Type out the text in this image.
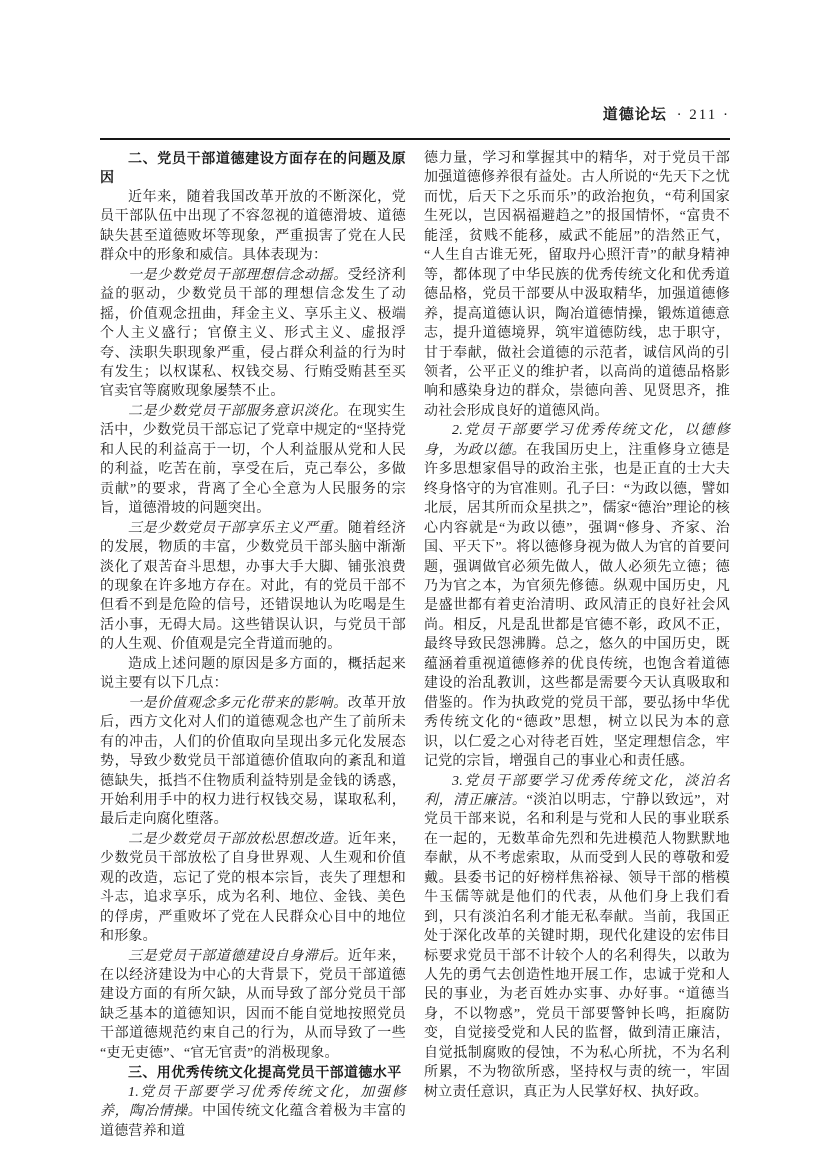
道德论坛 · 211 ·

二、党员干部道德建设方面存在的问题及原因

近年来，随着我国改革开放的不断深化，党员干部队伍中出现了不容忽视的道德滑坡、道德缺失甚至道德败坏等现象，严重损害了党在人民群众中的形象和威信。具体表现为：

一是少数党员干部理想信念动摇。受经济利益的驱动，少数党员干部的理想信念发生了动摇，价值观念扭曲，拜金主义、享乐主义、极端个人主义盛行；官僚主义、形式主义、虚报浮夸、渎职失职现象严重，侵占群众利益的行为时有发生；以权谋私、权钱交易、行贿受贿甚至买官卖官等腐败现象屡禁不止。

二是少数党员干部服务意识淡化。在现实生活中，少数党员干部忘记了党章中规定的“坚持党和人民的利益高于一切，个人利益服从党和人民的利益，吃苦在前，享受在后，克己奉公，多做贡献”的要求，背离了全心全意为人民服务的宗旨，道德滑坡的问题突出。

三是少数党员干部享乐主义严重。随着经济的发展，物质的丰富，少数党员干部头脑中渐渐淡化了艰苦奋斗思想，办事大手大脚、铺张浪费的现象在许多地方存在。对此，有的党员干部不但看不到是危险的信号，还错误地认为吃喝是生活小事，无碍大局。这些错误认识，与党员干部的人生观、价值观是完全背道而驰的。

造成上述问题的原因是多方面的，概括起来说主要有以下几点：

一是价值观念多元化带来的影响。改革开放后，西方文化对人们的道德观念也产生了前所未有的冲击，人们的价值取向呈现出多元化发展态势，导致少数党员干部道德价值取向的紊乱和道德缺失，抵挡不住物质利益特别是金钱的诱惑，开始利用手中的权力进行权钱交易，谋取私利，最后走向腐化堕落。

二是少数党员干部放松思想改造。近年来，少数党员干部放松了自身世界观、人生观和价值观的改造，忘记了党的根本宗旨，丧失了理想和斗志，追求享乐，成为名利、地位、金钱、美色的俘虏，严重败坏了党在人民群众心目中的地位和形象。

三是党员干部道德建设自身滞后。近年来，在以经济建设为中心的大背景下，党员干部道德建设方面的有所欠缺，从而导致了部分党员干部缺乏基本的道德知识，因而不能自觉地按照党员干部道德规范约束自己的行为，从而导致了一些“吏无吏德”、“官无官责”的消极现象。

三、用优秀传统文化提高党员干部道德水平

1.党员干部要学习优秀传统文化，加强修养，陶冶情操。中国传统文化蕴含着极为丰富的道德营养和道

德力量，学习和掌握其中的精华，对于党员干部加强道德修养很有益处。古人所说的“先天下之忧而忧，后天下之乐而乐”的政治抱负，“苟利国家生死以，岂因祸福避趋之”的报国情怀，“富贵不能淫，贫贱不能移，威武不能屈”的浩然正气，“人生自古谁无死，留取丹心照汗青”的献身精神等，都体现了中华民族的优秀传统文化和优秀道德品格，党员干部要从中汲取精华，加强道德修养，提高道德认识，陶冶道德情操，锻炼道德意志，提升道德境界，筑牢道德防线，忠于职守，甘于奉献，做社会道德的示范者，诚信风尚的引领者，公平正义的维护者，以高尚的道德品格影响和感染身边的群众，崇德向善、见贤思齐，推动社会形成良好的道德风尚。

2.党员干部要学习优秀传统文化，以德修身，为政以德。在我国历史上，注重修身立德是许多思想家倡导的政治主张，也是正直的士大夫终身恪守的为官准则。孔子曰：“为政以德，譬如北辰，居其所而众星拱之”，儒家“德治”理论的核心内容就是“为政以德”，强调“修身、齐家、治国、平天下”。将以德修身视为做人为官的首要问题，强调做官必须先做人，做人必须先立德；德乃为官之本，为官须先修德。纵观中国历史，凡是盛世都有着吏治清明、政风清正的良好社会风尚。相反，凡是乱世都是官德不彰，政风不正，最终导致民怨沸腾。总之，悠久的中国历史，既蕴涵着重视道德修养的优良传统，也饱含着道德建设的治乱教训，这些都是需要今天认真吸取和借鉴的。作为执政党的党员干部，要弘扬中华优秀传统文化的“德政”思想，树立以民为本的意识，以仁爱之心对待老百姓，坚定理想信念，牢记党的宗旨，增强自己的事业心和责任感。

3.党员干部要学习优秀传统文化，淡泊名利，清正廉洁。“淡泊以明志，宁静以致远”，对党员干部来说，名和利是与党和人民的事业联系在一起的，无数革命先烈和先进模范人物默默地奉献，从不考虑索取，从而受到人民的尊敬和爱戴。县委书记的好榜样焦裕禄、领导干部的楷模牛玉儒等就是他们的代表，从他们身上我们看到，只有淡泊名利才能无私奉献。当前，我国正处于深化改革的关键时期，现代化建设的宏伟目标要求党员干部不计较个人的名利得失，以敢为人先的勇气去创造性地开展工作，忠诚于党和人民的事业，为老百姓办实事、办好事。“道德当身，不以物惑”，党员干部要警钟长鸣，拒腐防变，自觉接受党和人民的监督，做到清正廉洁，自觉抵制腐败的侵蚀，不为私心所扰，不为名利所累，不为物欲所惑，坚持权与责的统一，牢固树立责任意识，真正为人民掌好权、执好政。
